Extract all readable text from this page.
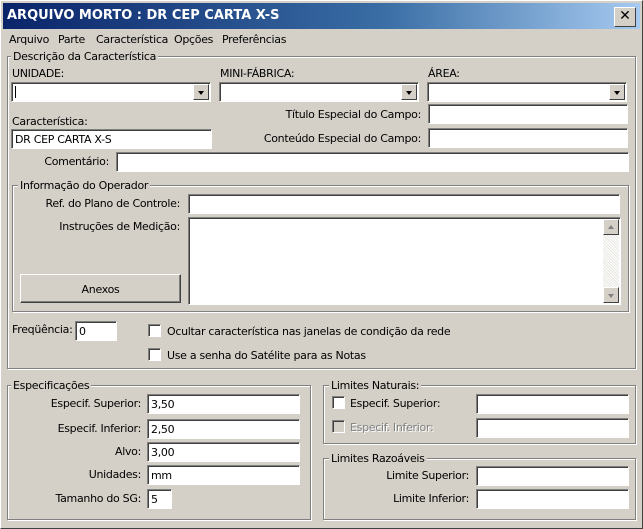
ARQUIVO MORTO : DR CEP CARTA X-S	✕
Arquivo Parte Característica Opções Preferências
Descrição da Característica
UNIDADE:	MINI-FÁBRICA:	ÁREA:
Característica:
DR CEP CARTA X-S
Título Especial do Campo:
Conteúdo Especial do Campo:
Comentário:
Informação do Operador
Ref. do Plano de Controle:
Instruções de Medição:
Anexos
Freqüência:
0	Ocultar característica nas janelas de condição da rede
Use a senha do Satélite para as Notas
Especificações
Especif. Superior:
3,50
Especif. Inferior:
2,50
Alvo:
3,00
Unidades:
mm
Tamanho do SG:
5
Limites Naturais:
Especif. Superior:
Especif. Inferior:
Limites Razoáveis
Limite Superior:
Limite Inferior:
